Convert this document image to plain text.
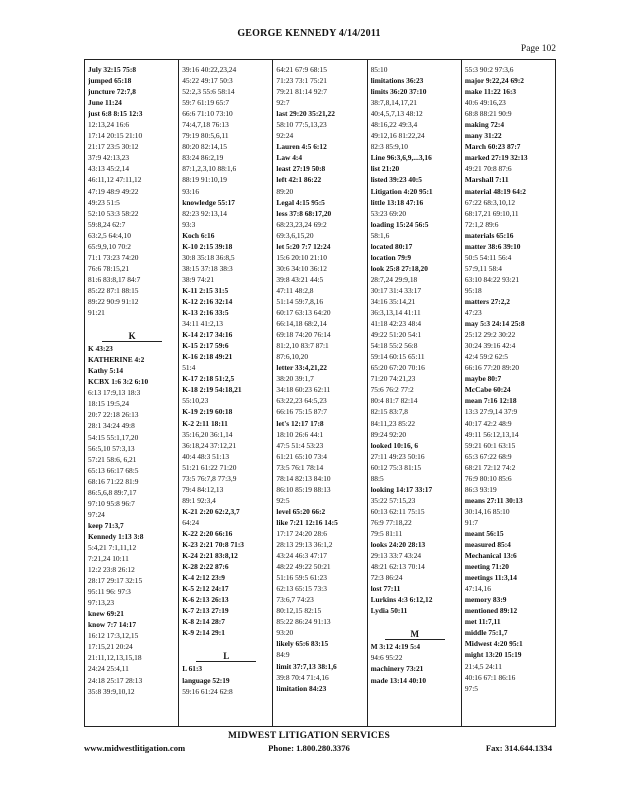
GEORGE KENNEDY 4/14/2011
Page 102
July 32:15 75:8
jumped 65:18
juncture 72:7,8
June 11:24
just 6:8 8:15 12:3
12:13,24 16:6
17:14 20:15 21:10
21:17 23:5 30:12
37:9 42:13,23
43:13 45:2,14
46:11,12 47:11,12
47:19 48:9 49:22
49:23 51:5
52:10 53:3 58:22
59:8,24 62:7
63:2,5 64:4,10
65:9,9,10 70:2
71:1 73:23 74:20
76:6 78:15,21
81:6 83:8,17 84:7
85:22 87:1 88:15
89:22 90:9 91:12
91:21

K
K 43:23
KATHERINE 4:2
Kathy 5:14
KCBX 1:6 3:2 6:10
6:13 17:9,13 18:3
18:15 19:5,24
20:7 22:18 26:13
28:1 34:24 49:8
54:15 55:1,17,20
56:5,10 57:3,13
57:21 58:6, 6,21
65:13 66:17 68:5
68:16 71:22 81:9
86:5,6,8 89:7,17
97:10 95:8 96:7
97:24
keep 71:3,7
Kennedy 1:13 3:8
5:4,21 7:1,11,12
7:21,24 10:11
12:2 23:8 26:12
28:17 29:17 32:15
95:11 96: 97:3
97:13,23
knew 69:21
know 7:7 14:17
16:12 17:3,12,15
17:15,21 20:24
21:11,12,13,15,18
24:24 25:4,11
24:18 25:17 28:13
35:8 39:9,10,12
39:16 40:22,23,24
45:22 49:17 50:3
52:2,3 55:6 58:14
59:7 61:19 65:7
66:6 71:10 73:10
74:4,7,18 76:13
79:19 80:5,6,11
80:20 82:14,15
83:24 86:2,19
87:1,2,3,10 88:1,6
88:19 91:10,19
93:16
knowledge 55:17
82:23 92:13,14
93:3
Koch 6:16
K-10 2:15 39:18
30:8 35:18 36:8,5
38:15 37:18 38:3
38:9 74:21
K-11 2:15 31:5
K-12 2:16 32:14
K-13 2:16 33:5
34:11 41:2,13
K-14 2:17 34:16
K-15 2:17 59:6
K-16 2:18 49:21
51:4
K-17 2:18 51:2,5
K-18 2:19 54:18,21
55:10,23
K-19 2:19 60:18
K-2 2:11 18:11
35:16,20 36:1,14
36:18,24 37:12,21
40:4 48:3 51:13
51:21 61:22 71:20
73:5 76:7,8 77:3,9
79:4 84:12,13
89:1 92:3,4
K-21 2:20 62:2,3,7
64:24
K-22 2:20 66:16
K-23 2:21 70:8 71:3
K-24 2:21 83:8,12
K-28 2:22 87:6
K-4 2:12 23:9
K-5 2:12 24:17
K-6 2:13 26:13
K-7 2:13 27:19
K-8 2:14 28:7
K-9 2:14 29:1

L
L 61:3
language 52:19
59:16 61:24 62:8
64:21 67:9 68:15
71:23 73:1 75:21
79:21 81:14 92:7
92:7
last 29:20 35:21,22
58:10 77:5,13,23
92:24
Lauren 4:5 6:12
Law 4:4
least 27:19 50:8
left 42:1 86:22
89:20
Legal 4:15 95:5
less 37:8 68:17,20
68:23,23,24 69:2
69:3,6,15,20
let 5:20 7:7 12:24
15:6 20:10 21:10
30:6 34:10 36:12
39:8 43:21 44:5
47:11 48:2,8
51:14 59:7,8,16
60:17 63:13 64:20
66:14,18 68:2,14
69:18 74:20 76:14
81:2,10 83:7 87:1
87:6,10,20
letter 33:4,21,22
38:20 39:1,7
34:18 60:23 62:11
63:22,23 64:5,23
66:16 75:15 87:7
let's 12:17 17:8
18:10 26:6 44:1
47:5 51:4 53:23
61:21 65:10 73:4
73:5 76:1 78:14
78:14 82:13 84:10
86:10 85:19 88:13
92:5
level 65:20 66:2
like 7:21 12:16 14:5
17:17 24:20 28:6
28:13 29:13 36:1,2
43:24 46:3 47:17
48:22 49:22 50:21
51:16 59:5 61:23
62:13 65:15 73:3
73:6,7 74:23
80:12,15 82:15
85:22 86:24 91:13
93:20
likely 65:6 83:15
84:9
limit 37:7,13 38:1,6
39:8 70:4 71:4,16
limitation 84:23
85:10
limitations 36:23
limits 36:20 37:10
38:7,8,14,17,21
40:4,5,7,13 48:12
48:16,22 49:3,4
49:12,16 81:22,24
82:3 85:9,10
Line 96:3,6,9,...3,16
list 21:20
listed 39:23 40:5
Litigation 4:20 95:1
little 13:18 47:16
53:23 69:20
loading 15:24 56:5
58:1,6
located 80:17
location 79:9
look 25:8 27:18,20
28:7,24 29:9,18
30:17 31:4 33:17
34:16 35:14,21
36:3,13,14 41:11
41:18 42:23 48:4
49:22 51:20 54:1
54:18 55:2 56:8
59:14 60:15 65:11
65:20 67:20 70:16
71:20 74:21,23
75:6 76:2 77:2
80:4 81:7 82:14
82:15 83:7,8
84:11,23 85:22
89:24 92:20
looked 10:16, 6
27:11 49:23 50:16
60:12 75:3 81:15
88:5
looking 14:17 33:17
35:22 57:15,23
60:13 62:11 75:15
76:9 77:18,22
79:5 81:11
looks 24:20 28:13
29:13 33:7 43:24
48:21 62:13 70:14
72:3 86:24
lost 77:11
Lurkins 4:3 6:12,12
Lydia 50:11

M
M 3:12 4:19 5:4
94:6 95:22
machinery 73:21
made 13:14 40:10
55:3 90:2 97:3,6
major 9:22,24 69:2
make 11:22 16:3
40:6 49:16,23
68:8 88:21 90:9
making 72:4
many 31:22
March 60:23 87:7
marked 27:19 32:13
49:21 70:8 87:6
Marshall 7:11
material 48:19 64:2
67:22 68:3,10,12
68:17,21 69:10,11
72:1,2 89:6
materials 65:16
matter 38:6 39:10
50:5 54:11 56:4
57:9,11 58:4
63:10 84:22 93:21
95:18
matters 27:2,2
47:23
may 5:3 24:14 25:8
25:12 29:2 30:22
30:24 39:16 42:4
42:4 59:2 62:5
66:16 77:20 89:20
maybe 80:7
McCabe 60:24
mean 7:16 12:18
13:3 27:9,14 37:9
40:17 42:2 48:9
49:11 56:12,13,14
59:21 60:1 63:15
65:3 67:22 68:9
68:21 72:12 74:2
76:9 80:10 85:6
86:3 93:19
means 27:11 30:13
30:14,16 85:10
91:7
meant 56:15
measured 85:4
Mechanical 13:6
meeting 71:20
meetings 11:3,14
47:14,16
memory 83:9
mentioned 89:12
met 11:7,11
middle 75:1,7
Midwest 4:20 95:1
might 13:20 15:19
21:4,5 24:11
40:16 67:1 86:16
97:5
MIDWEST LITIGATION SERVICES
www.midwestlitigation.com	Phone: 1.800.280.3376	Fax: 314.644.1334
